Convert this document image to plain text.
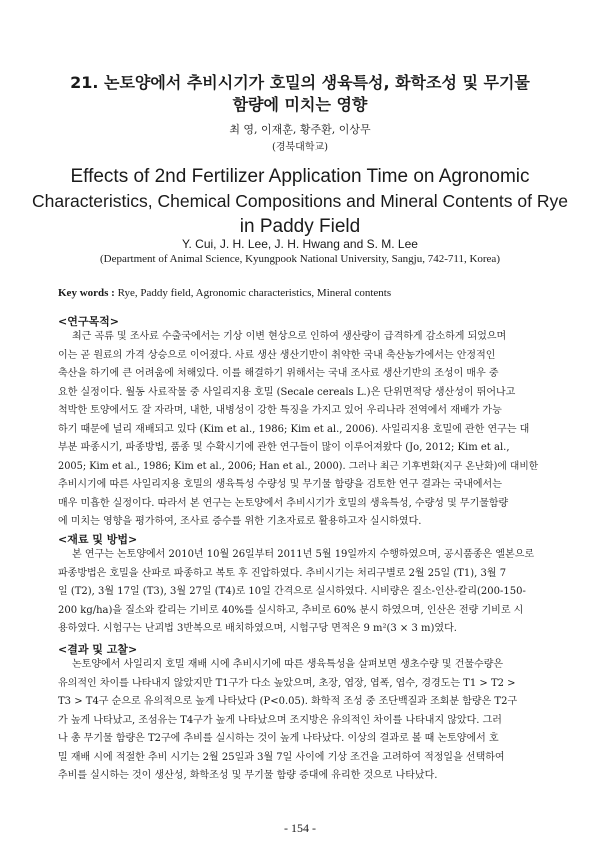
21. 논토양에서 추비시기가 호밀의 생육특성, 화학조성 및 무기물
함량에 미치는 영향
최 영, 이재훈, 황주환, 이상무
(경북대학교)
Effects of 2nd Fertilizer Application Time on Agronomic
Characteristics, Chemical Compositions and Mineral Contents of Rye
in Paddy Field
Y. Cui, J. H. Lee, J. H. Hwang and S. M. Lee
(Department of Animal Science, Kyungpook National University, Sangju, 742-711, Korea)
Key words : Rye, Paddy field, Agronomic characteristics, Mineral contents
<연구목적>
최근 곡류 및 조사료 수출국에서는 기상 이변 현상으로 인하여 생산량이 급격하게 감소하게 되었으며
이는 곧 원료의 가격 상승으로 이어졌다. 사료 생산 생산기반이 취약한 국내 축산농가에서는 안정적인
축산을 하기에 큰 어려움에 처해있다. 이를 해결하기 위해서는 국내 조사료 생산기반의 조성이 매우 중
요한 실정이다. 월동 사료작물 중 사일리지용 호밀 (Secale cereals L.)은 단위면적당 생산성이 뛰어나고
척박한 토양에서도 잘 자라며, 내한, 내병성이 강한 특징을 가지고 있어 우리나라 전역에서 재배가 가능
하기 때문에 널리 재배되고 있다 (Kim et al., 1986; Kim et al., 2006). 사일리지용 호밀에 관한 연구는 대
부분 파종시기, 파종방법, 품종 및 수확시기에 관한 연구들이 많이 이루어져왔다 (Jo, 2012; Kim et al.,
2005; Kim et al., 1986; Kim et al., 2006; Han et al., 2000). 그러나 최근 기후변화(지구 온난화)에 대비한
추비시기에 따른 사일리지용 호밀의 생육특성 수량성 및 무기물 함량을 검토한 연구 결과는 국내에서는
매우 미흡한 실정이다. 따라서 본 연구는 논토양에서 추비시기가 호밀의 생육특성, 수량성 및 무기물함량
에 미치는 영향을 평가하여, 조사료 증수를 위한 기초자료로 활용하고자 실시하였다.
<재료 및 방법>
본 연구는 논토양에서 2010년 10월 26일부터 2011년 5월 19일까지 수행하였으며, 공시품종은 엘본으로
파종방법은 호밀을 산파로 파종하고 복토 후 진압하였다. 추비시기는 처리구별로 2월 25일 (T1), 3월 7
일 (T2), 3월 17일 (T3), 3월 27일 (T4)로 10일 간격으로 실시하였다. 시비량은 질소-인산-칼리(200-150-
200 kg/ha)을 질소와 칼리는 기비로 40%를 실시하고, 추비로 60% 분시 하였으며, 인산은 전량 기비로 시
용하였다. 시험구는 난괴법 3반복으로 배치하였으며, 시험구당 면적은 9 m²(3 × 3 m)였다.
<결과 및 고찰>
논토양에서 사일리지 호밀 재배 시에 추비시기에 따른 생육특성을 살펴보면 생초수량 및 건물수량은
유의적인 차이를 나타내지 않았지만 T1구가 다소 높았으며, 초장, 엽장, 엽폭, 엽수, 경경도는 T1 > T2 >
T3 > T4구 순으로 유의적으로 높게 나타났다 (P<0.05). 화학적 조성 중 조단백질과 조회분 함량은 T2구
가 높게 나타났고, 조섬유는 T4구가 높게 나타났으며 조지방은 유의적인 차이를 나타내지 않았다. 그러
나 총 무기물 함량은 T2구에 추비를 실시하는 것이 높게 나타났다. 이상의 결과로 볼 때 논토양에서 호
밀 재배 시에 적절한 추비 시기는 2월 25일과 3월 7일 사이에 기상 조건을 고려하여 적정일을 선택하여
추비를 실시하는 것이 생산성, 화학조성 및 무기물 함량 증대에 유리한 것으로 나타났다.
- 154 -
